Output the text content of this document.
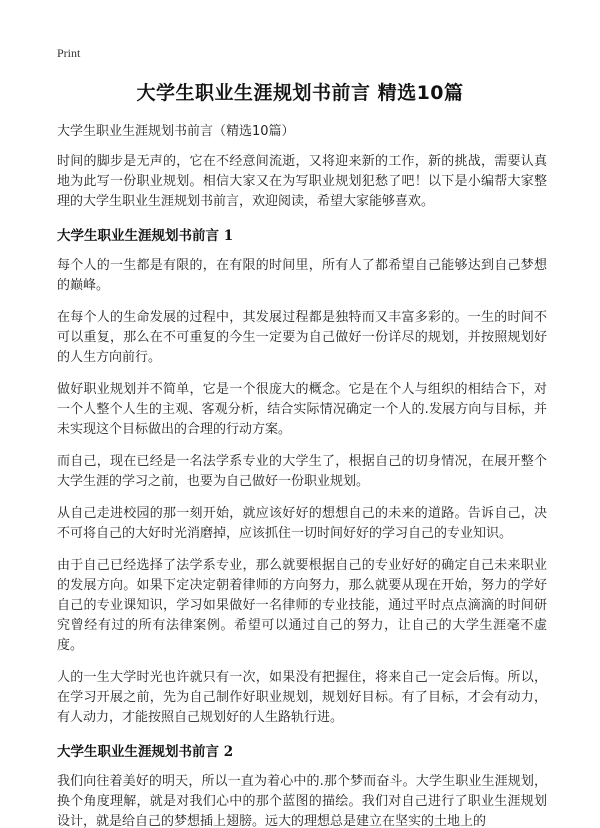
Print
大学生职业生涯规划书前言 精选10篇

大学生职业生涯规划书前言（精选10篇）

时间的脚步是无声的，它在不经意间流逝，又将迎来新的工作，新的挑战，需要认真地为此写一份职业规划。相信大家又在为写职业规划犯愁了吧！以下是小编帮大家整理的大学生职业生涯规划书前言，欢迎阅读，希望大家能够喜欢。

大学生职业生涯规划书前言 1

每个人的一生都是有限的，在有限的时间里，所有人了都希望自己能够达到自己梦想的巅峰。

在每个人的生命发展的过程中，其发展过程都是独特而又丰富多彩的。一生的时间不可以重复，那么在不可重复的今生一定要为自己做好一份详尽的规划，并按照规划好的人生方向前行。

做好职业规划并不简单，它是一个很庞大的概念。它是在个人与组织的相结合下，对一个人整个人生的主观、客观分析，结合实际情况确定一个人的.发展方向与目标，并未实现这个目标做出的合理的行动方案。

而自己，现在已经是一名法学系专业的大学生了，根据自己的切身情况，在展开整个大学生涯的学习之前，也要为自己做好一份职业规划。

从自己走进校园的那一刻开始，就应该好好的想想自己的未来的道路。告诉自己，决不可将自己的大好时光消磨掉，应该抓住一切时间好好的学习自己的专业知识。

由于自己已经选择了法学系专业，那么就要根据自己的专业好好的确定自己未来职业的发展方向。如果下定决定朝着律师的方向努力，那么就要从现在开始，努力的学好自己的专业课知识，学习如果做好一名律师的专业技能，通过平时点点滴滴的时间研究曾经有过的所有法律案例。希望可以通过自己的努力，让自己的大学生涯毫不虚度。

人的一生大学时光也许就只有一次，如果没有把握住，将来自己一定会后悔。所以，在学习开展之前，先为自己制作好职业规划，规划好目标。有了目标，才会有动力，有人动力，才能按照自己规划好的人生路轨行进。

大学生职业生涯规划书前言 2

我们向往着美好的明天，所以一直为着心中的.那个梦而奋斗。大学生职业生涯规划，换个角度理解，就是对我们心中的那个蓝图的描绘。我们对自己进行了职业生涯规划设计，就是给自己的梦想插上翅膀。远大的理想总是建立在坚实的土地上的
